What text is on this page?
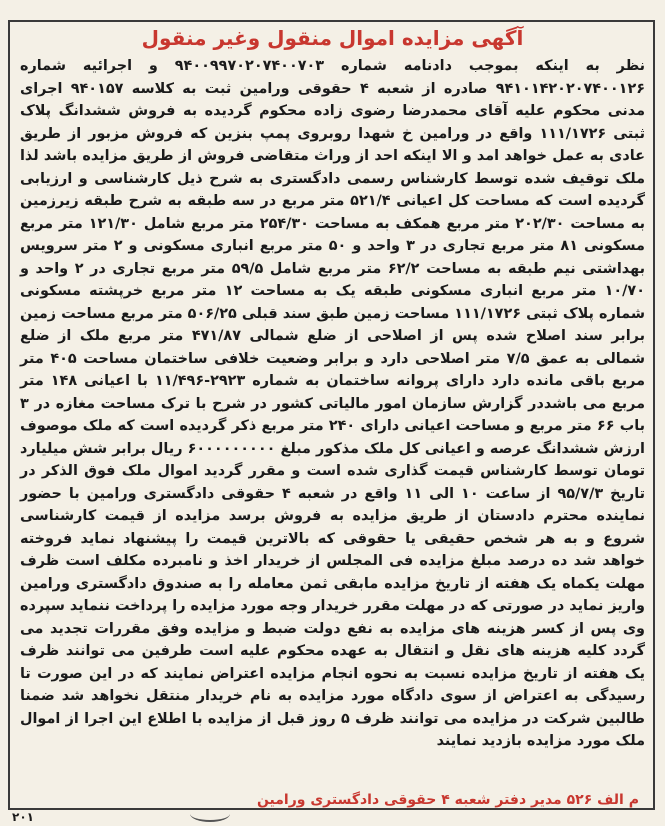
آگهی مزایده اموال منقول وغیر منقول
نظر به اینکه بموجب دادنامه شماره ۹۴۰۰۹۹۷۰۲۰۷۴۰۰۷۰۳ و اجرائیه شماره ۹۴۱۰۱۴۲۰۲۰۷۴۰۰۱۲۶ صادره از شعبه ۴ حقوقی ورامین ثبت به کلاسه ۹۴۰۱۵۷ اجرای مدنی محکوم علیه آقای محمدرضا رضوی زاده محکوم گردیده به فروش ششدانگ پلاک ثبتی ۱۱۱/۱۷۲۶ واقع در ورامین خ شهدا روبروی پمپ بنزین که فروش مزبور از طریق عادی به عمل خواهد امد و الا اینکه احد از وراث متقاضی فروش از طریق مزایده باشد لذا ملک توقیف شده توسط کارشناس رسمی دادگستری به شرح ذیل کارشناسی و ارزیابی گردیده است که مساحت کل اعیانی ۵۲۱/۴ متر مربع در سه طبقه به شرح طبقه زیرزمین به مساحت ۲۰۲/۳۰ متر مربع همکف به مساحت ۲۵۴/۳۰ متر مربع شامل ۱۲۱/۳۰ متر مربع مسکونی ۸۱ متر مربع تجاری در ۳ واحد و ۵۰ متر مربع انباری مسکونی و ۲ متر سرویس بهداشتی نیم طبقه به مساحت ۶۲/۲ متر مربع شامل ۵۹/۵ متر مربع تجاری در ۲ واحد و ۱۰/۷۰ متر مربع انباری مسکونی طبقه یک به مساحت ۱۲ متر مربع خرپشته مسکونی شماره پلاک ثبتی ۱۱۱/۱۷۲۶ مساحت زمین طبق سند قبلی ۵۰۶/۲۵ متر مربع مساحت زمین برابر سند اصلاح شده پس از اصلاحی از ضلع شمالی ۴۷۱/۸۷ متر مربع ملک از ضلع شمالی به عمق ۷/۵ متر اصلاحی دارد و برابر وضعیت خلافی ساختمان مساحت ۴۰۵ متر مربع باقی مانده دارد دارای پروانه ساختمان به شماره ۲۹۲۳-۱۱/۴۹۶ با اعیانی ۱۴۸ متر مربع می باشددر گزارش سازمان امور مالیاتی کشور در شرح با ترک مساحت مغازه در ۳ باب ۶۶ متر مربع و مساحت اعیانی دارای ۲۴۰ متر مربع ذکر گردیده است که ملک موصوف ارزش ششدانگ عرصه و اعیانی کل ملک مذکور مبلغ ۶۰۰۰۰۰۰۰۰۰ ریال برابر شش میلیارد تومان توسط کارشناس قیمت گذاری شده است و مقرر گردید اموال ملک فوق الذکر در تاریخ ۹۵/۷/۳ از ساعت ۱۰ الی ۱۱ واقع در شعبه ۴ حقوقی دادگستری ورامین با حضور نماینده محترم دادستان از طریق مزایده به فروش برسد مزایده از قیمت کارشناسی شروع و به هر شخص حقیقی یا حقوقی که بالاترین قیمت را پیشنهاد نماید فروخته خواهد شد ده درصد مبلغ مزایده فی المجلس از خریدار اخذ و نامبرده مکلف است ظرف مهلت یکماه یک هفته از تاریخ مزایده مابقی ثمن معامله را به صندوق دادگستری ورامین واریز نماید در صورتی که در مهلت مقرر خریدار وجه مورد مزایده را پرداخت ننماید سپرده وی پس از کسر هزینه های مزایده به نفع دولت ضبط و مزایده وفق مقررات تجدید می گردد کلیه هزینه های نقل و انتقال به عهده محکوم علیه است طرفین می توانند ظرف یک هفته از تاریخ مزایده نسبت به نحوه انجام مزایده اعتراض نمایند که در این صورت تا رسیدگی به اعتراض از سوی دادگاه مورد مزایده به نام خریدار منتقل نخواهد شد ضمنا طالبین شرکت در مزایده می توانند ظرف ۵ روز قبل از مزایده با اطلاع این اجرا از اموال ملک مورد مزایده بازدید نمایند
م الف ۵۲۶ مدیر دفتر شعبه ۴ حقوقی دادگستری ورامین
۲۰۱
